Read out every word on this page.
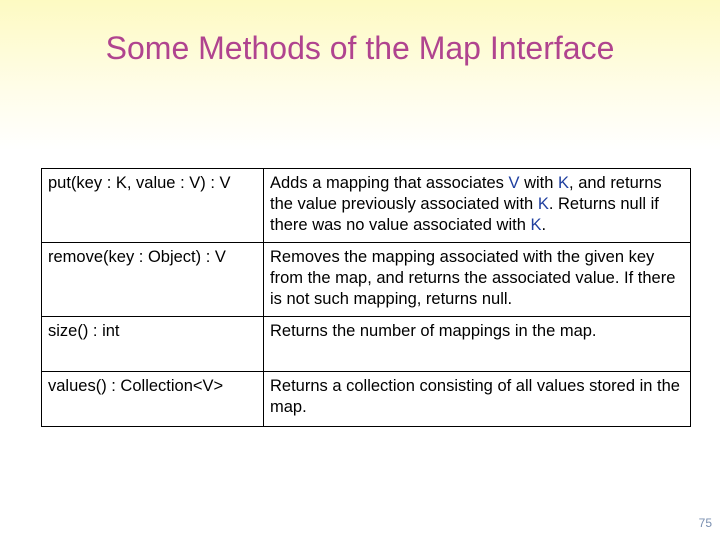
Some Methods of the Map Interface
put(key : K, value : V) : V	Adds a mapping that associates V with K, and returns the value previously associated with K. Returns null if there was no value associated with K.
remove(key : Object) : V	Removes the mapping associated with the given key from the map, and returns the associated value. If there is not such mapping, returns null.
size() : int	Returns the number of mappings in the map.
values() : Collection<V>	Returns a collection consisting of all values stored in the map.
75
